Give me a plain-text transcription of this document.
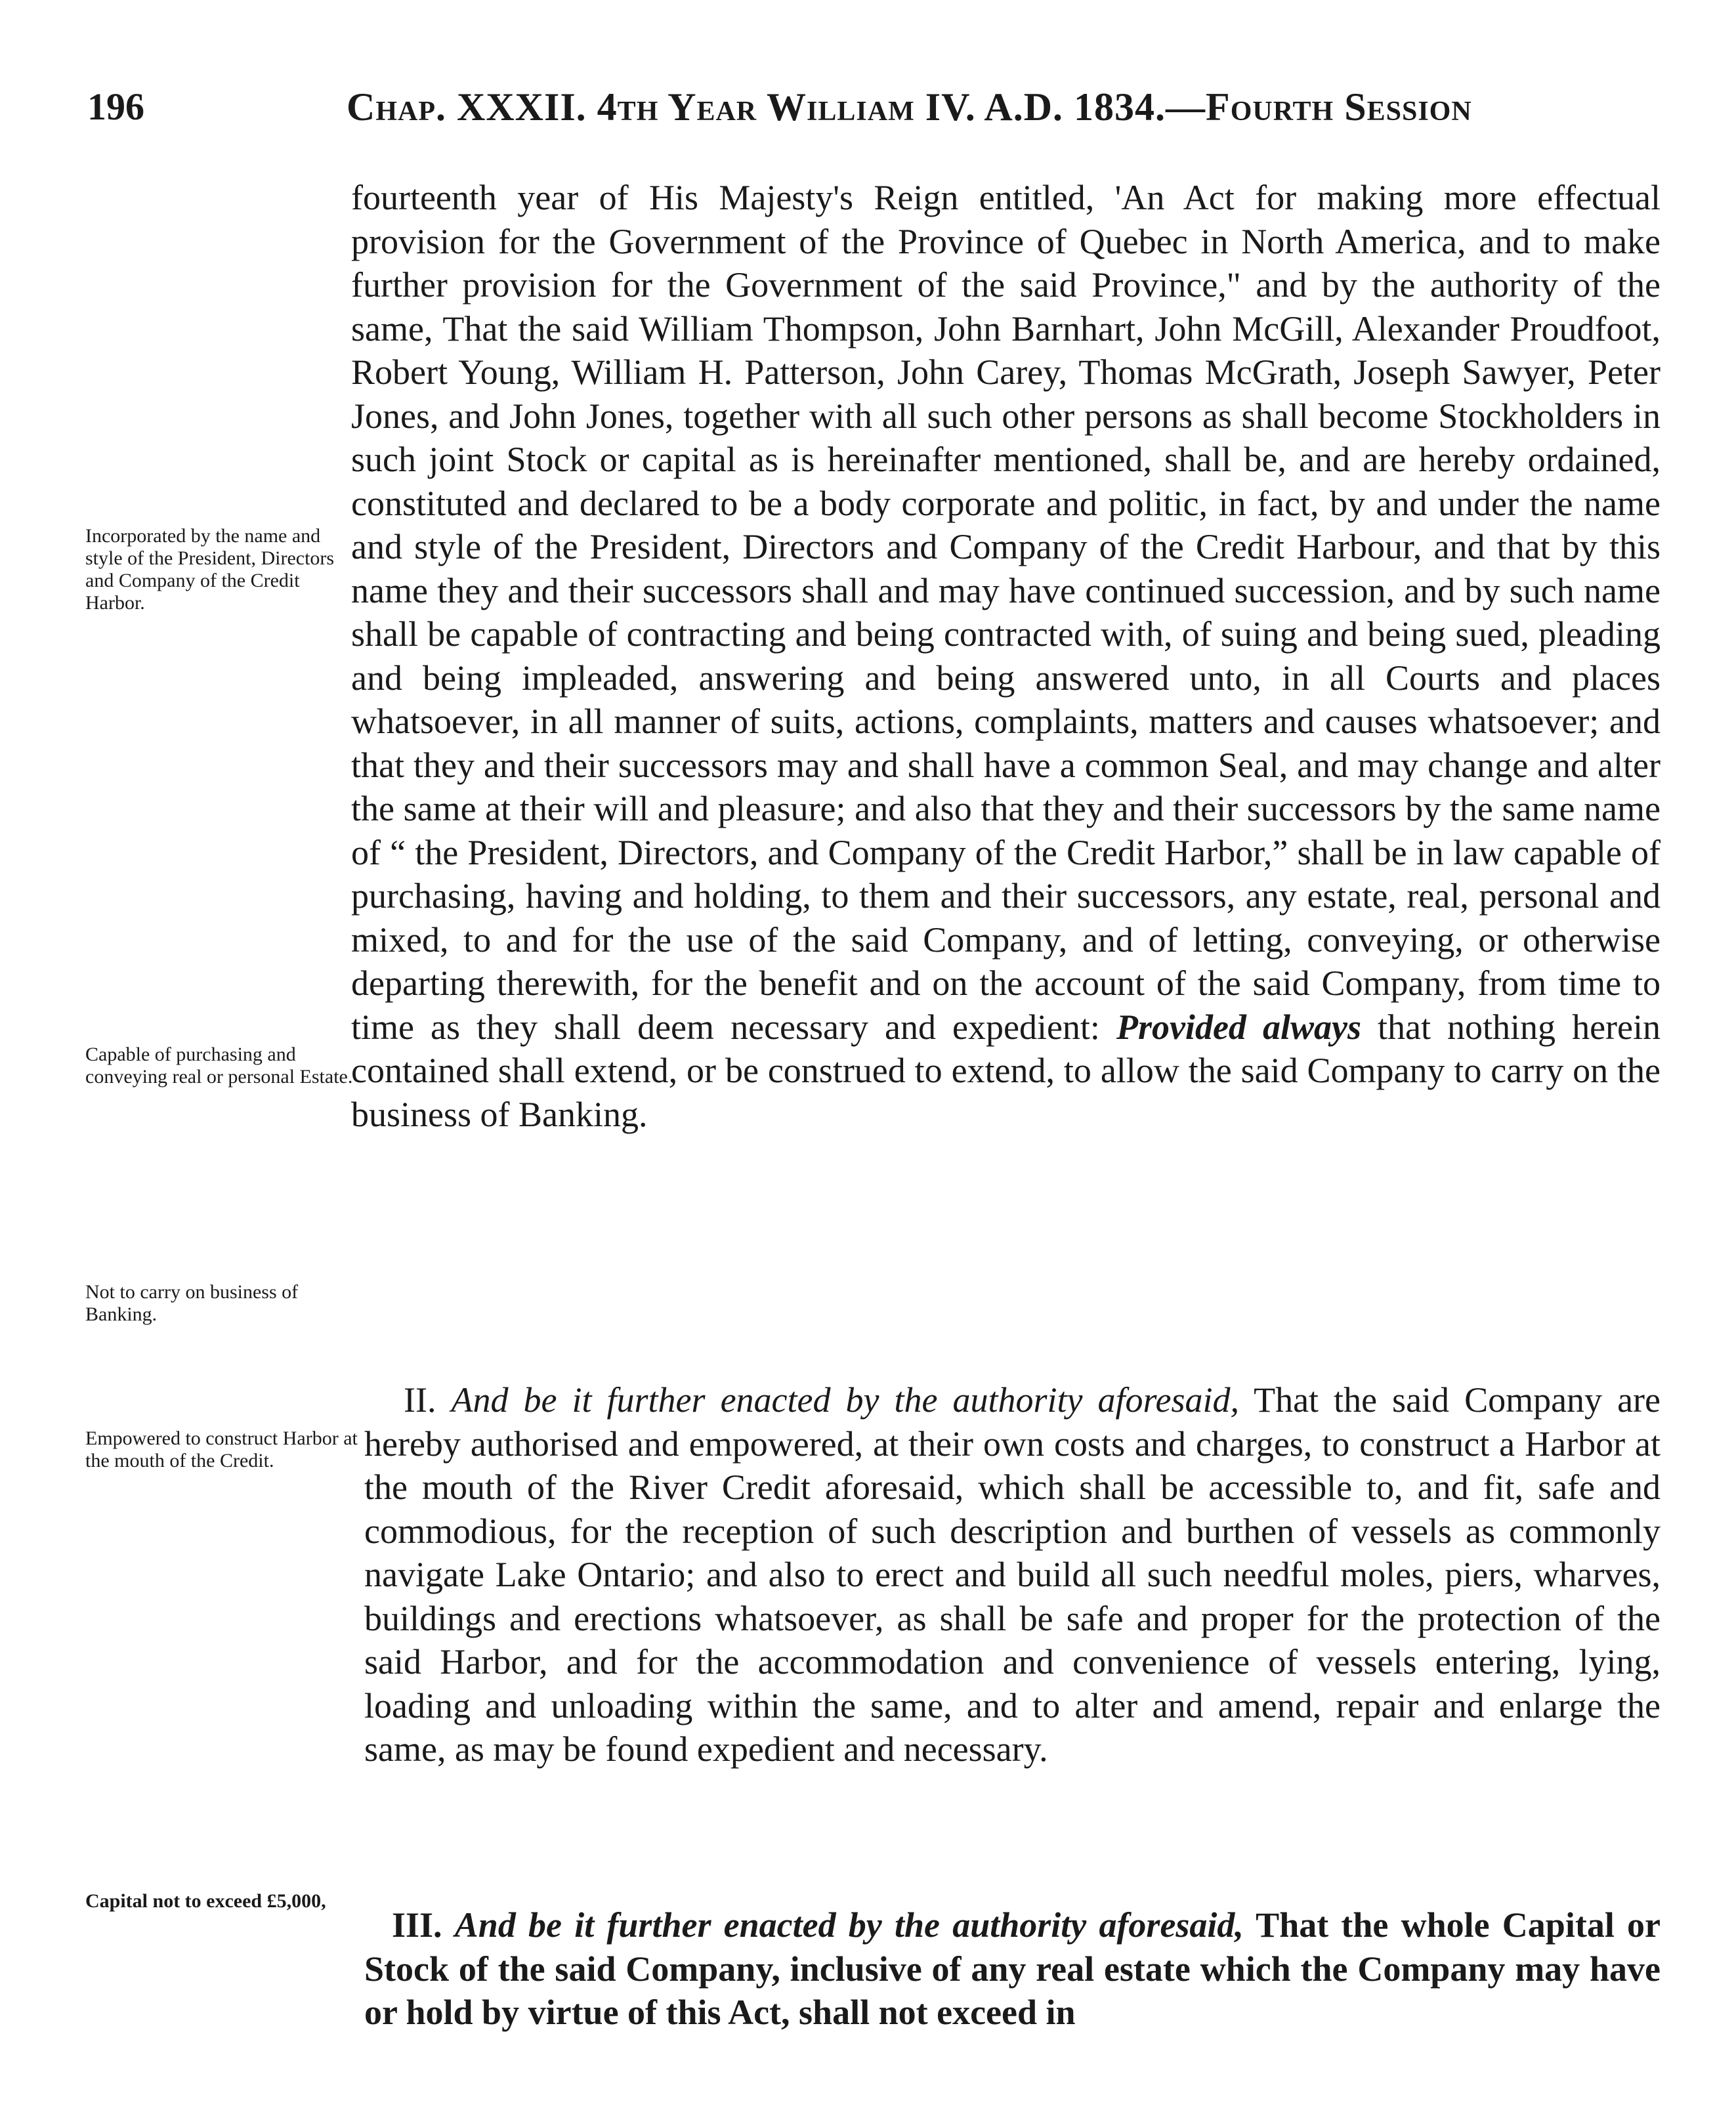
196	Chap. XXXII. 4th Year William IV. A.D. 1834.—Fourth Session
Incorporated by the name and style of the President, Directors and Company of the Credit Harbor.
Capable of purchasing and conveying real or personal Estate.
Not to carry on business of Banking.
Empowered to construct Harbor at the mouth of the Credit.
Capital not to exceed £5,000,

fourteenth year of His Majesty's Reign entitled, 'An Act for making more effectual provision for the Government of the Province of Quebec in North America, and to make further provision for the Government of the said Province," and by the authority of the same, That the said William Thompson, John Barnhart, John McGill, Alexander Proudfoot, Robert Young, William H. Patterson, John Carey, Thomas McGrath, Joseph Sawyer, Peter Jones, and John Jones, together with all such other persons as shall become Stockholders in such joint Stock or capital as is hereinafter mentioned, shall be, and are hereby ordained, constituted and declared to be a body corporate and politic, in fact, by and under the name and style of the President, Directors and Company of the Credit Harbour, and that by this name they and their successors shall and may have continued succession, and by such name shall be capable of contracting and being contracted with, of suing and being sued, pleading and being impleaded, answering and being answered unto, in all Courts and places whatsoever, in all manner of suits, actions, complaints, matters and causes whatsoever; and that they and their successors may and shall have a common Seal, and may change and alter the same at their will and pleasure; and also that they and their successors by the same name of “ the President, Directors, and Company of the Credit Harbor,” shall be in law capable of purchasing, having and holding, to them and their successors, any estate, real, personal and mixed, to and for the use of the said Company, and of letting, conveying, or otherwise departing therewith, for the benefit and on the account of the said Company, from time to time as they shall deem necessary and expedient: Provided always that nothing herein contained shall extend, or be construed to extend, to allow the said Company to carry on the business of Banking.

II. And be it further enacted by the authority aforesaid, That the said Company are hereby authorised and empowered, at their own costs and charges, to construct a Harbor at the mouth of the River Credit aforesaid, which shall be accessible to, and fit, safe and commodious, for the reception of such description and burthen of vessels as commonly navigate Lake Ontario; and also to erect and build all such needful moles, piers, wharves, buildings and erections whatsoever, as shall be safe and proper for the protection of the said Harbor, and for the accommodation and convenience of vessels entering, lying, loading and unloading within the same, and to alter and amend, repair and enlarge the same, as may be found expedient and necessary.

III. And be it further enacted by the authority aforesaid, That the whole Capital or Stock of the said Company, inclusive of any real estate which the Company may have or hold by virtue of this Act, shall not exceed in
